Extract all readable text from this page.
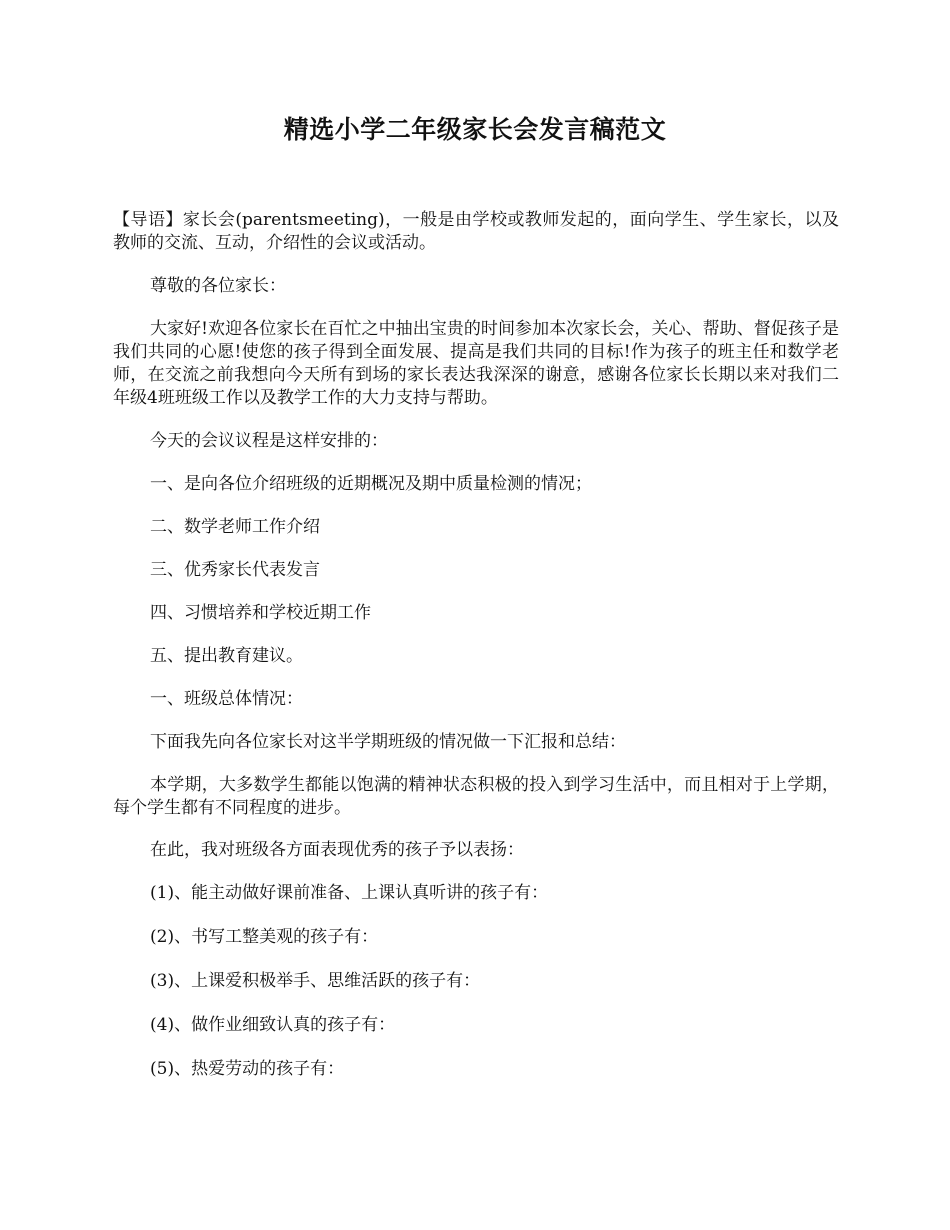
精选小学二年级家长会发言稿范文

【导语】家长会(parentsmeeting)，一般是由学校或教师发起的，面向学生、学生家长，以及教师的交流、互动，介绍性的会议或活动。

尊敬的各位家长：

大家好!欢迎各位家长在百忙之中抽出宝贵的时间参加本次家长会，关心、帮助、督促孩子是我们共同的心愿!使您的孩子得到全面发展、提高是我们共同的目标!作为孩子的班主任和数学老师，在交流之前我想向今天所有到场的家长表达我深深的谢意，感谢各位家长长期以来对我们二年级4班班级工作以及教学工作的大力支持与帮助。

今天的会议议程是这样安排的：

一、是向各位介绍班级的近期概况及期中质量检测的情况；

二、数学老师工作介绍

三、优秀家长代表发言

四、习惯培养和学校近期工作

五、提出教育建议。

一、班级总体情况：

下面我先向各位家长对这半学期班级的情况做一下汇报和总结：

本学期，大多数学生都能以饱满的精神状态积极的投入到学习生活中，而且相对于上学期，每个学生都有不同程度的进步。

在此，我对班级各方面表现优秀的孩子予以表扬：

(1)、能主动做好课前准备、上课认真听讲的孩子有：

(2)、书写工整美观的孩子有：

(3)、上课爱积极举手、思维活跃的孩子有：

(4)、做作业细致认真的孩子有：

(5)、热爱劳动的孩子有：
